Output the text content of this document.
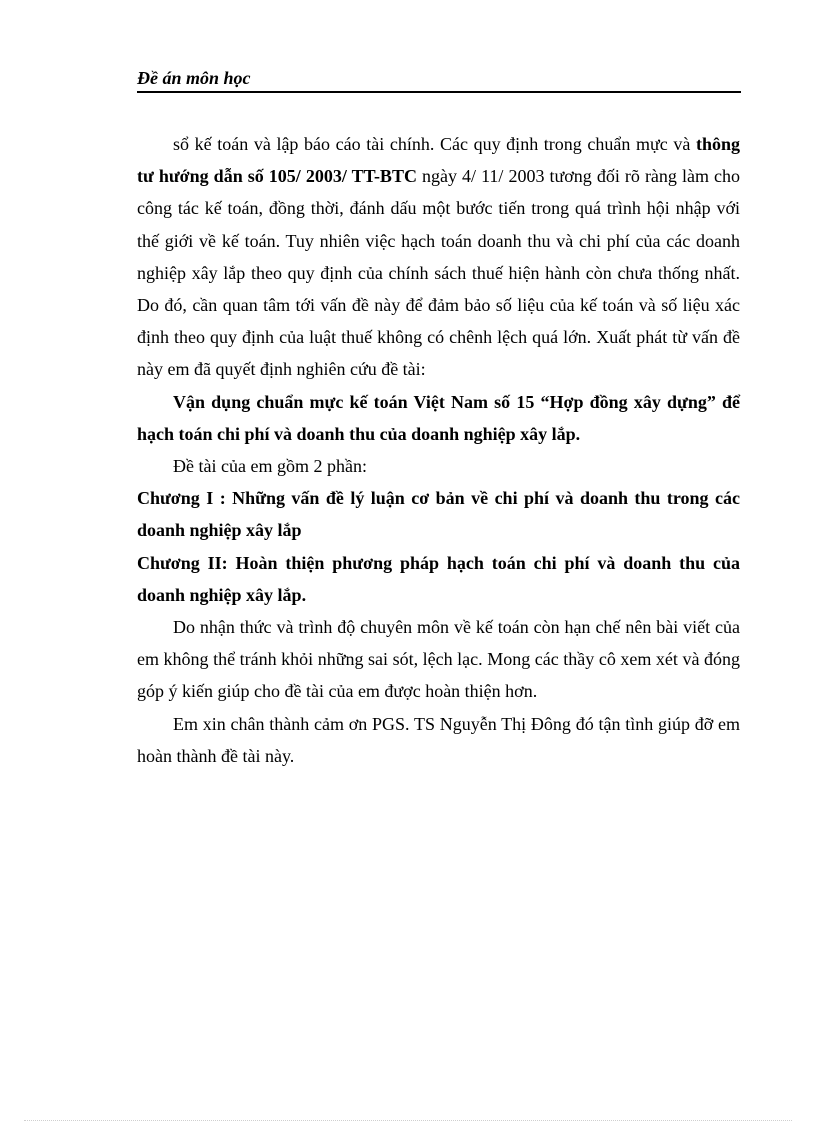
Đề án môn học

sổ kế toán và lập báo cáo tài chính. Các quy định trong chuẩn mực và thông tư hướng dẫn số 105/ 2003/ TT-BTC ngày 4/ 11/ 2003 tương đối rõ ràng làm cho công tác kế toán, đồng thời, đánh dấu một bước tiến trong quá trình hội nhập với thế giới về kế toán. Tuy nhiên việc hạch toán doanh thu và chi phí của các doanh nghiệp xây lắp theo quy định của chính sách thuế hiện hành còn chưa thống nhất. Do đó, cần quan tâm tới vấn đề này để đảm bảo số liệu của kế toán và số liệu xác định theo quy định của luật thuế không có chênh lệch quá lớn. Xuất phát từ vấn đề này em đã quyết định nghiên cứu đề tài:

Vận dụng chuẩn mực kế toán Việt Nam số 15 “Hợp đồng xây dựng” để hạch toán chi phí và doanh thu của doanh nghiệp xây lắp.

Đề tài của em gồm 2 phần:

Chương I : Những vấn đề lý luận cơ bản về chi phí và doanh thu trong các doanh nghiệp xây lắp

Chương II: Hoàn thiện phương pháp hạch toán chi phí và doanh thu của doanh nghiệp xây lắp.

Do nhận thức và trình độ chuyên môn về kế toán còn hạn chế nên bài viết của em không thể tránh khỏi những sai sót, lệch lạc. Mong các thầy cô xem xét và đóng góp ý kiến giúp cho đề tài của em được hoàn thiện hơn.

Em xin chân thành cảm ơn PGS. TS Nguyễn Thị Đông đó tận tình giúp đỡ em hoàn thành đề tài này.
